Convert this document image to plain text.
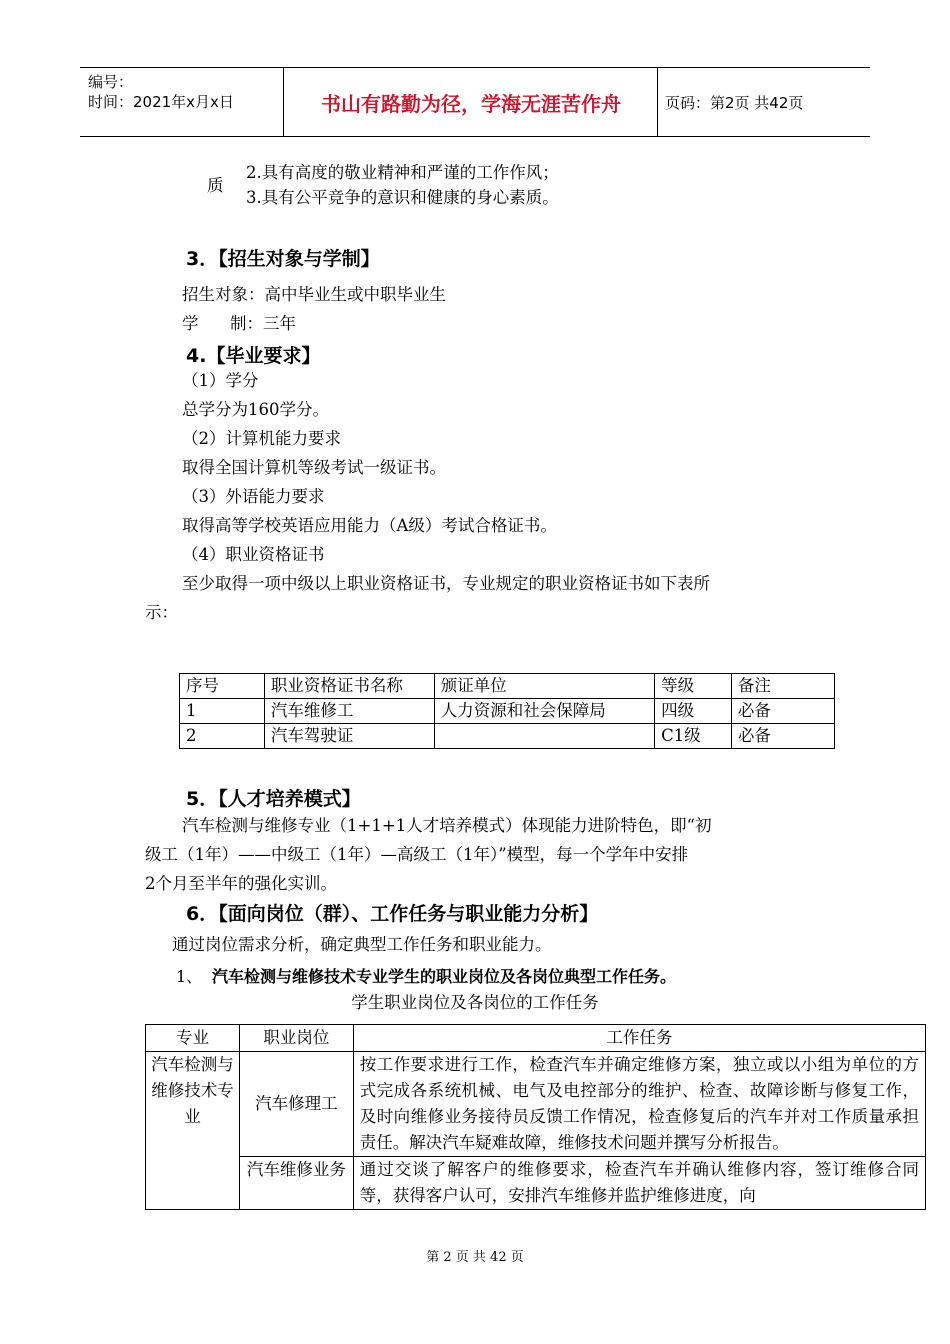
编号：
时间：2021年x月x日	书山有路勤为径，学海无涯苦作舟	页码：第2页 共42页
质
2.具有高度的敬业精神和严谨的工作作风；
3.具有公平竞争的意识和健康的身心素质。
3．【招生对象与学制】
招生对象：高中毕业生或中职毕业生
学      制：三年
4.【毕业要求】
（1）学分
总学分为160学分。
（2）计算机能力要求
取得全国计算机等级考试一级证书。
（3）外语能力要求
取得高等学校英语应用能力（A级）考试合格证书。
（4）职业资格证书
至少取得一项中级以上职业资格证书，专业规定的职业资格证书如下表所
示：
序号	职业资格证书名称	颁证单位	等级	备注
1	汽车维修工	人力资源和社会保障局	四级	必备
2	汽车驾驶证		C1级	必备
5．【人才培养模式】
汽车检测与维修专业（1+1+1人才培养模式）体现能力进阶特色，即“初
级工（1年）——中级工（1年）—高级工（1年）”模型，每一个学年中安排
2个月至半年的强化实训。
6．【面向岗位（群）、工作任务与职业能力分析】
通过岗位需求分析，确定典型工作任务和职业能力。
1、 汽车检测与维修技术专业学生的职业岗位及各岗位典型工作任务。
学生职业岗位及各岗位的工作任务
专业	职业岗位	工作任务
汽车检测与维修技术专业	汽车修理工	按工作要求进行工作，检查汽车并确定维修方案，独立或以小组为单位的方式完成各系统机械、电气及电控部分的维护、检查、故障诊断与修复工作，及时向维修业务接待员反馈工作情况，检查修复后的汽车并对工作质量承担责任。解决汽车疑难故障，维修技术问题并撰写分析报告。
	汽车维修业务	通过交谈了解客户的维修要求，检查汽车并确认维修内容，签订维修合同等，获得客户认可，安排汽车维修并监护维修进度，向
第 2 页 共 42 页
